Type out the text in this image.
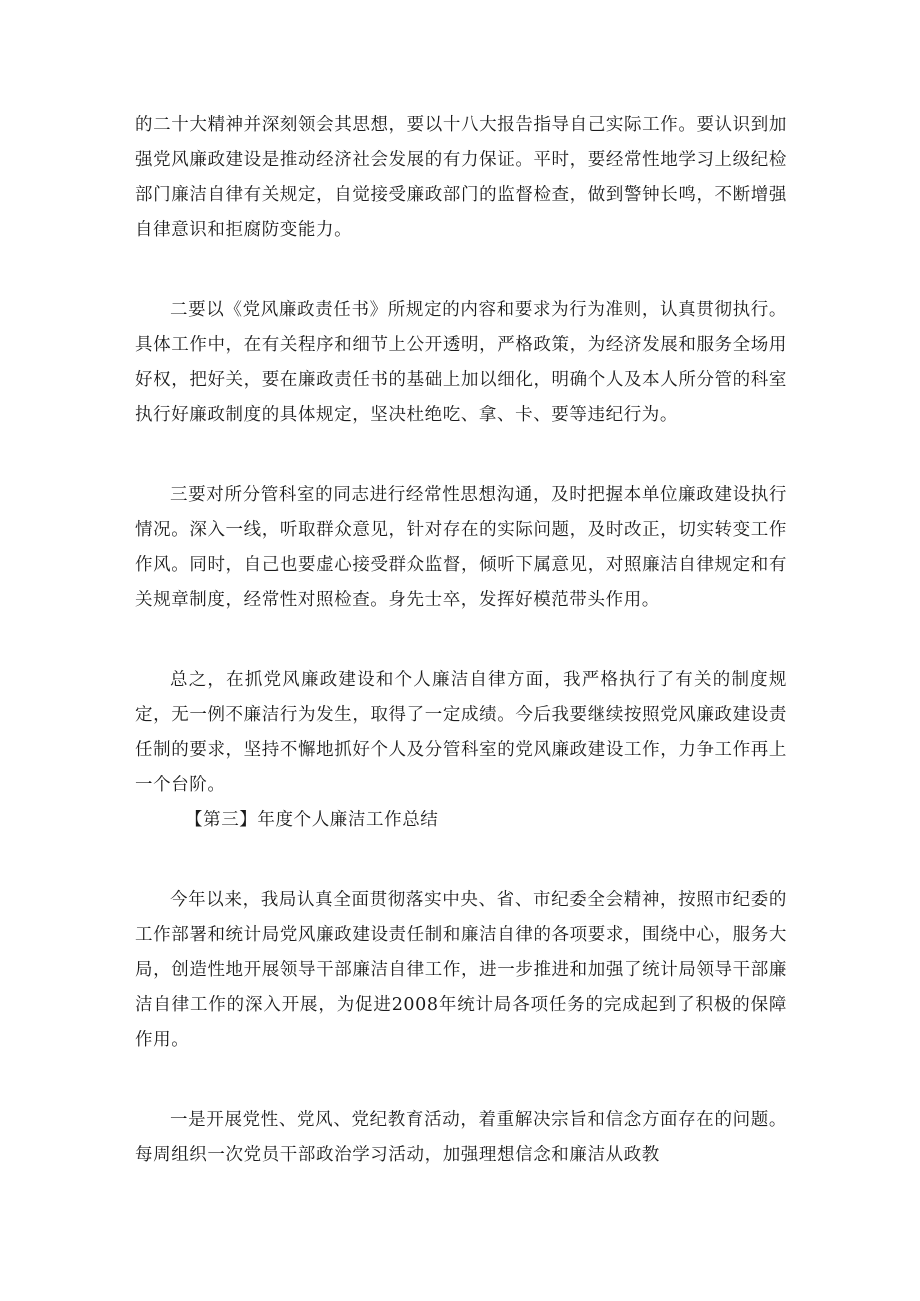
的二十大精神并深刻领会其思想，要以十八大报告指导自己实际工作。要认识到加强党风廉政建设是推动经济社会发展的有力保证。平时，要经常性地学习上级纪检部门廉洁自律有关规定，自觉接受廉政部门的监督检查，做到警钟长鸣，不断增强自律意识和拒腐防变能力。

二要以《党风廉政责任书》所规定的内容和要求为行为准则，认真贯彻执行。具体工作中，在有关程序和细节上公开透明，严格政策，为经济发展和服务全场用好权，把好关，要在廉政责任书的基础上加以细化，明确个人及本人所分管的科室执行好廉政制度的具体规定，坚决杜绝吃、拿、卡、要等违纪行为。

三要对所分管科室的同志进行经常性思想沟通，及时把握本单位廉政建设执行情况。深入一线，听取群众意见，针对存在的实际问题，及时改正，切实转变工作作风。同时，自己也要虚心接受群众监督，倾听下属意见，对照廉洁自律规定和有关规章制度，经常性对照检查。身先士卒，发挥好模范带头作用。

总之，在抓党风廉政建设和个人廉洁自律方面，我严格执行了有关的制度规定，无一例不廉洁行为发生，取得了一定成绩。今后我要继续按照党风廉政建设责任制的要求，坚持不懈地抓好个人及分管科室的党风廉政建设工作，力争工作再上一个台阶。

【第三】年度个人廉洁工作总结

今年以来，我局认真全面贯彻落实中央、省、市纪委全会精神，按照市纪委的工作部署和统计局党风廉政建设责任制和廉洁自律的各项要求，围绕中心，服务大局，创造性地开展领导干部廉洁自律工作，进一步推进和加强了统计局领导干部廉洁自律工作的深入开展，为促进2008年统计局各项任务的完成起到了积极的保障作用。

一是开展党性、党风、党纪教育活动，着重解决宗旨和信念方面存在的问题。每周组织一次党员干部政治学习活动，加强理想信念和廉洁从政教
